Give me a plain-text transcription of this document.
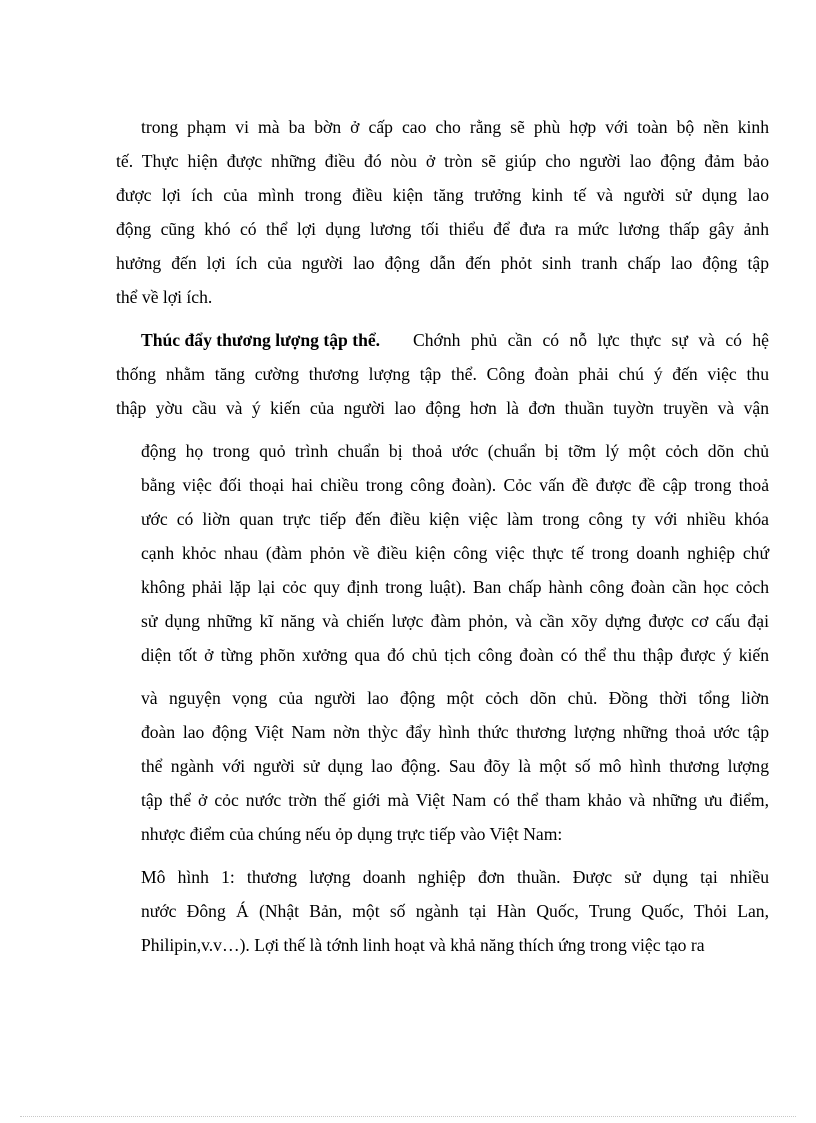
trong phạm vi mà ba bờn ở cấp cao cho rằng sẽ phù hợp với toàn bộ nền kinh
tế. Thực hiện được những điều đó nòu ở tròn sẽ giúp cho người lao động đảm bảo
được lợi ích của mình trong điều kiện tăng trưởng kinh tế và người sử dụng lao
động cũng khó có thể lợi dụng lương tối thiểu để đưa ra mức lương thấp gây ảnh
hưởng đến lợi ích của người lao động dẫn đến phỏt sinh tranh chấp lao động tập
thể về lợi ích.
Thúc đẩy thương lượng tập thể. Chớnh phủ cần có nỗ lực thực sự và có hệ
thống nhằm tăng cường thương lượng tập thể. Công đoàn phải chú ý đến việc thu
thập yờu cầu và ý kiến của người lao động hơn là đơn thuần tuyờn truyền và vận
động họ trong quỏ trình chuẩn bị thoả ước (chuẩn bị tỡm lý một cỏch dõn chủ
bằng việc đối thoại hai chiều trong công đoàn). Cỏc vấn đề được đề cập trong thoả
ước có liờn quan trực tiếp đến điều kiện việc làm trong công ty với nhiều khóa
cạnh khỏc nhau (đàm phỏn về điều kiện công việc thực tế trong doanh nghiệp chứ
không phải lặp lại cỏc quy định trong luật). Ban chấp hành công đoàn cần học cỏch
sử dụng những kĩ năng và chiến lược đàm phỏn, và cần xõy dựng được cơ cấu đại
diện tốt ở từng phõn xưởng qua đó chủ tịch công đoàn có thể thu thập được ý kiến
và nguyện vọng của người lao động một cỏch dõn chủ. Đồng thời tổng liờn
đoàn lao động Việt Nam nờn thỳc đẩy hình thức thương lượng những thoả ước tập
thể ngành với người sử dụng lao động. Sau đõy là một số mô hình thương lượng
tập thể ở cỏc nước trờn thế giới mà Việt Nam có thể tham khảo và những ưu điểm,
nhược điểm của chúng nếu ỏp dụng trực tiếp vào Việt Nam:
Mô hình 1: thương lượng doanh nghiệp đơn thuần. Được sử dụng tại nhiều
nước Đông Á (Nhật Bản, một số ngành tại Hàn Quốc, Trung Quốc, Thỏi Lan,
Philipin,v.v…). Lợi thế là tớnh linh hoạt và khả năng thích ứng trong việc tạo ra
